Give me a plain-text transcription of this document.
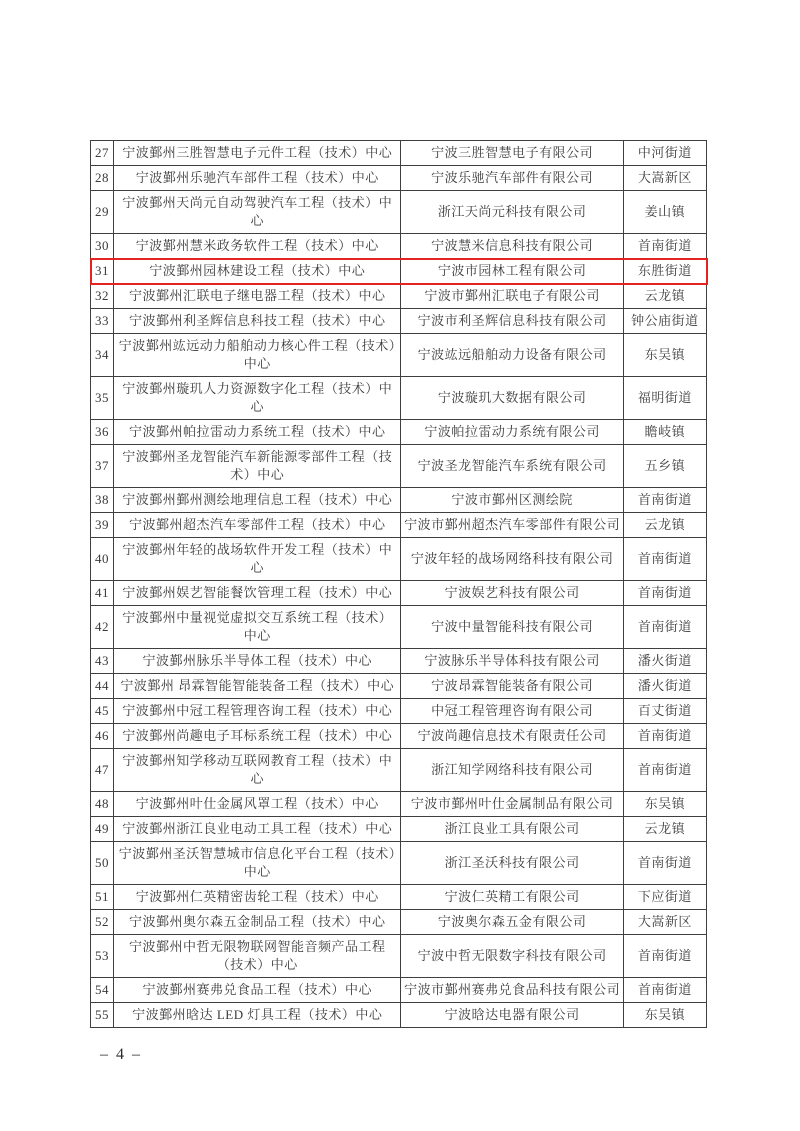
27	宁波鄞州三胜智慧电子元件工程（技术）中心	宁波三胜智慧电子有限公司	中河街道
28	宁波鄞州乐驰汽车部件工程（技术）中心	宁波乐驰汽车部件有限公司	大嵩新区
29	宁波鄞州天尚元自动驾驶汽车工程（技术）中心	浙江天尚元科技有限公司	姜山镇
30	宁波鄞州慧米政务软件工程（技术）中心	宁波慧米信息科技有限公司	首南街道
31	宁波鄞州园林建设工程（技术）中心	宁波市园林工程有限公司	东胜街道
32	宁波鄞州汇联电子继电器工程（技术）中心	宁波市鄞州汇联电子有限公司	云龙镇
33	宁波鄞州利圣辉信息科技工程（技术）中心	宁波市利圣辉信息科技有限公司	钟公庙街道
34	宁波鄞州竑远动力船舶动力核心件工程（技术）中心	宁波竑远船舶动力设备有限公司	东吴镇
35	宁波鄞州璇玑人力资源数字化工程（技术）中心	宁波璇玑大数据有限公司	福明街道
36	宁波鄞州帕拉雷动力系统工程（技术）中心	宁波帕拉雷动力系统有限公司	瞻岐镇
37	宁波鄞州圣龙智能汽车新能源零部件工程（技术）中心	宁波圣龙智能汽车系统有限公司	五乡镇
38	宁波鄞州鄞州测绘地理信息工程（技术）中心	宁波市鄞州区测绘院	首南街道
39	宁波鄞州超杰汽车零部件工程（技术）中心	宁波市鄞州超杰汽车零部件有限公司	云龙镇
40	宁波鄞州年轻的战场软件开发工程（技术）中心	宁波年轻的战场网络科技有限公司	首南街道
41	宁波鄞州娱艺智能餐饮管理工程（技术）中心	宁波娱艺科技有限公司	首南街道
42	宁波鄞州中量视觉虚拟交互系统工程（技术）中心	宁波中量智能科技有限公司	首南街道
43	宁波鄞州脉乐半导体工程（技术）中心	宁波脉乐半导体科技有限公司	潘火街道
44	宁波鄞州 昂霖智能智能装备工程（技术）中心	宁波昂霖智能装备有限公司	潘火街道
45	宁波鄞州中冠工程管理咨询工程（技术）中心	中冠工程管理咨询有限公司	百丈街道
46	宁波鄞州尚趣电子耳标系统工程（技术）中心	宁波尚趣信息技术有限责任公司	首南街道
47	宁波鄞州知学移动互联网教育工程（技术）中心	浙江知学网络科技有限公司	首南街道
48	宁波鄞州叶仕金属风罩工程（技术）中心	宁波市鄞州叶仕金属制品有限公司	东吴镇
49	宁波鄞州浙江良业电动工具工程（技术）中心	浙江良业工具有限公司	云龙镇
50	宁波鄞州圣沃智慧城市信息化平台工程（技术）中心	浙江圣沃科技有限公司	首南街道
51	宁波鄞州仁英精密齿轮工程（技术）中心	宁波仁英精工有限公司	下应街道
52	宁波鄞州奥尔森五金制品工程（技术）中心	宁波奥尔森五金有限公司	大嵩新区
53	宁波鄞州中哲无限物联网智能音频产品工程（技术）中心	宁波中哲无限数字科技有限公司	首南街道
54	宁波鄞州赛弗兑食品工程（技术）中心	宁波市鄞州赛弗兑食品科技有限公司	首南街道
55	宁波鄞州晗达 LED 灯具工程（技术）中心	宁波晗达电器有限公司	东吴镇
– 4 –
